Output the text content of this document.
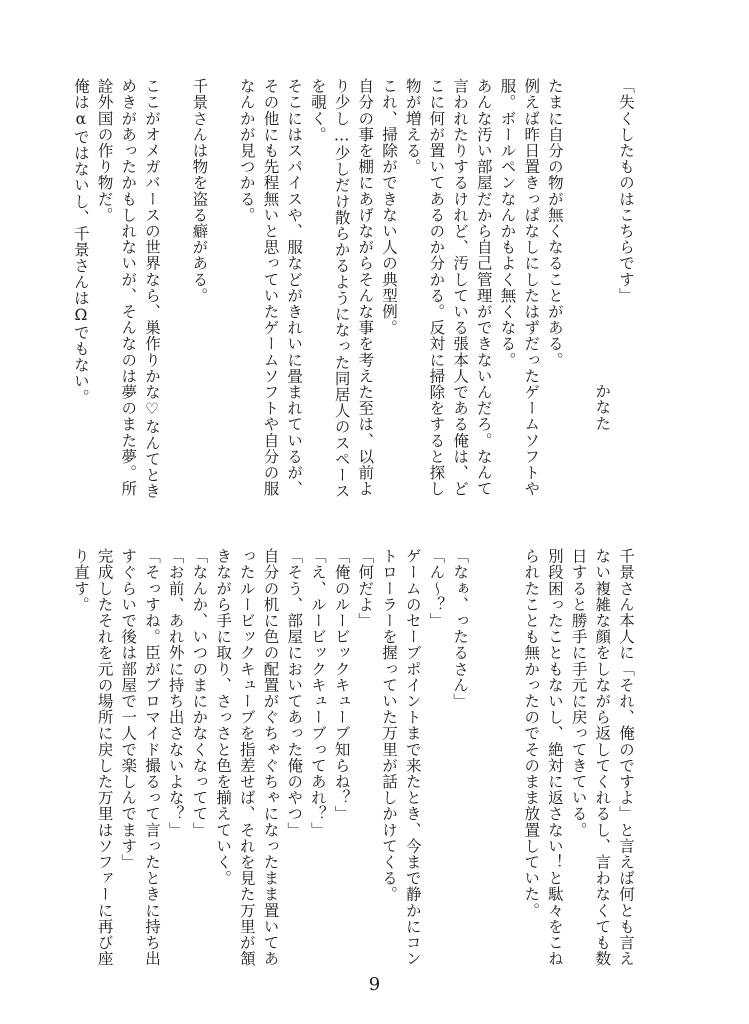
「失くしたものはこちらです」
かなた
たまに自分の物が無くなることがある。
例えば昨日置きっぱなしにしたはずだったゲームソフトや
服。ボールペンなんかもよく無くなる。
あんな汚い部屋だから自己管理ができないんだろ。なんて
言われたりするけれど、汚している張本人である俺は、ど
こに何が置いてあるのか分かる。反対に掃除をすると探し
物が増える。
これ、掃除ができない人の典型例。
自分の事を棚にあげながらそんな事を考えた至は、以前よ
り少し…少しだけ散らかるようになった同居人のスペース
を覗く。
そこにはスパイスや、服などがきれいに畳まれているが、
その他にも先程無いと思っていたゲームソフトや自分の服
なんかが見つかる。
千景さんは物を盗る癖がある。
ここがオメガバースの世界なら、巣作りかな♡なんてとき
めきがあったかもしれないが、そんなのは夢のまた夢。所
詮外国の作り物だ。
俺はαではないし、千景さんはΩでもない。
千景さん本人に「それ、俺のですよ」と言えば何とも言え
ない複雑な顔をしながら返してくれるし、言わなくても数
日すると勝手に手元に戻ってきている。
別段困ったこともないし、絶対に返さない！と駄々をこね
られたことも無かったのでそのまま放置していた。
「なぁ、ったるさん」
「ん～？」
ゲームのセーブポイントまで来たとき、今まで静かにコン
トローラーを握っていた万里が話しかけてくる。
「何だよ」
「俺のルービックキューブ知らね？」
「え、ルービックキューブってあれ？」
「そう、部屋においてあった俺のやつ」
自分の机に色の配置がぐちゃぐちゃになったまま置いてあ
ったルービックキューブを指差せば、それを見た万里が頷
きながら手に取り、さっさと色を揃えていく。
「なんか、いつのまにかなくなってて」
「お前、あれ外に持ち出さないよな？」
「そっすね。臣がブロマイド撮るって言ったときに持ち出
すぐらいで後は部屋で一人で楽しんでます」
完成したそれを元の場所に戻した万里はソファーに再び座
り直す。
9
